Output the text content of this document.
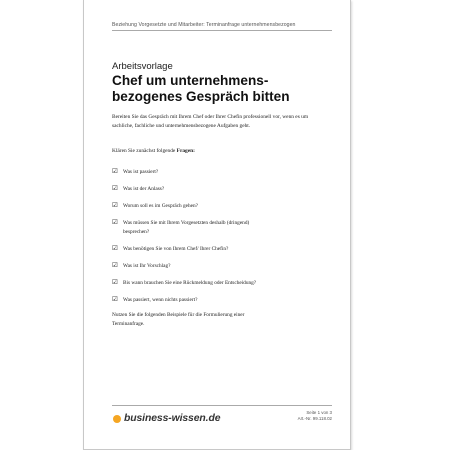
Beziehung Vorgesetzte und Mitarbeiter: Terminanfrage unternehmensbezogen
Arbeitsvorlage
Chef um unternehmens-
bezogenes Gespräch bitten
Bereiten Sie das Gespräch mit Ihrem Chef oder Ihrer Chefin professionell vor, wenn es um sachliche, fachliche und unternehmensbezogene Aufgaben geht.
Klären Sie zunächst folgende Fragen:
☑ Was ist passiert?
☑ Was ist der Anlass?
☑ Worum soll es im Gespräch gehen?
☑ Was müssen Sie mit Ihrem Vorgesetzten deshalb (dringend) besprechen?
☑ Was benötigen Sie von Ihrem Chef/ Ihrer Chefin?
☑ Was ist Ihr Vorschlag?
☑ Bis wann brauchen Sie eine Rückmeldung oder Entscheidung?
☑ Was passiert, wenn nichts passiert?
Nutzen Sie die folgenden Beispiele für die Formulierung einer Terminanfrage.
business-wissen.de
Seite 1 von 3
Art.-Nr. 99.118.02
